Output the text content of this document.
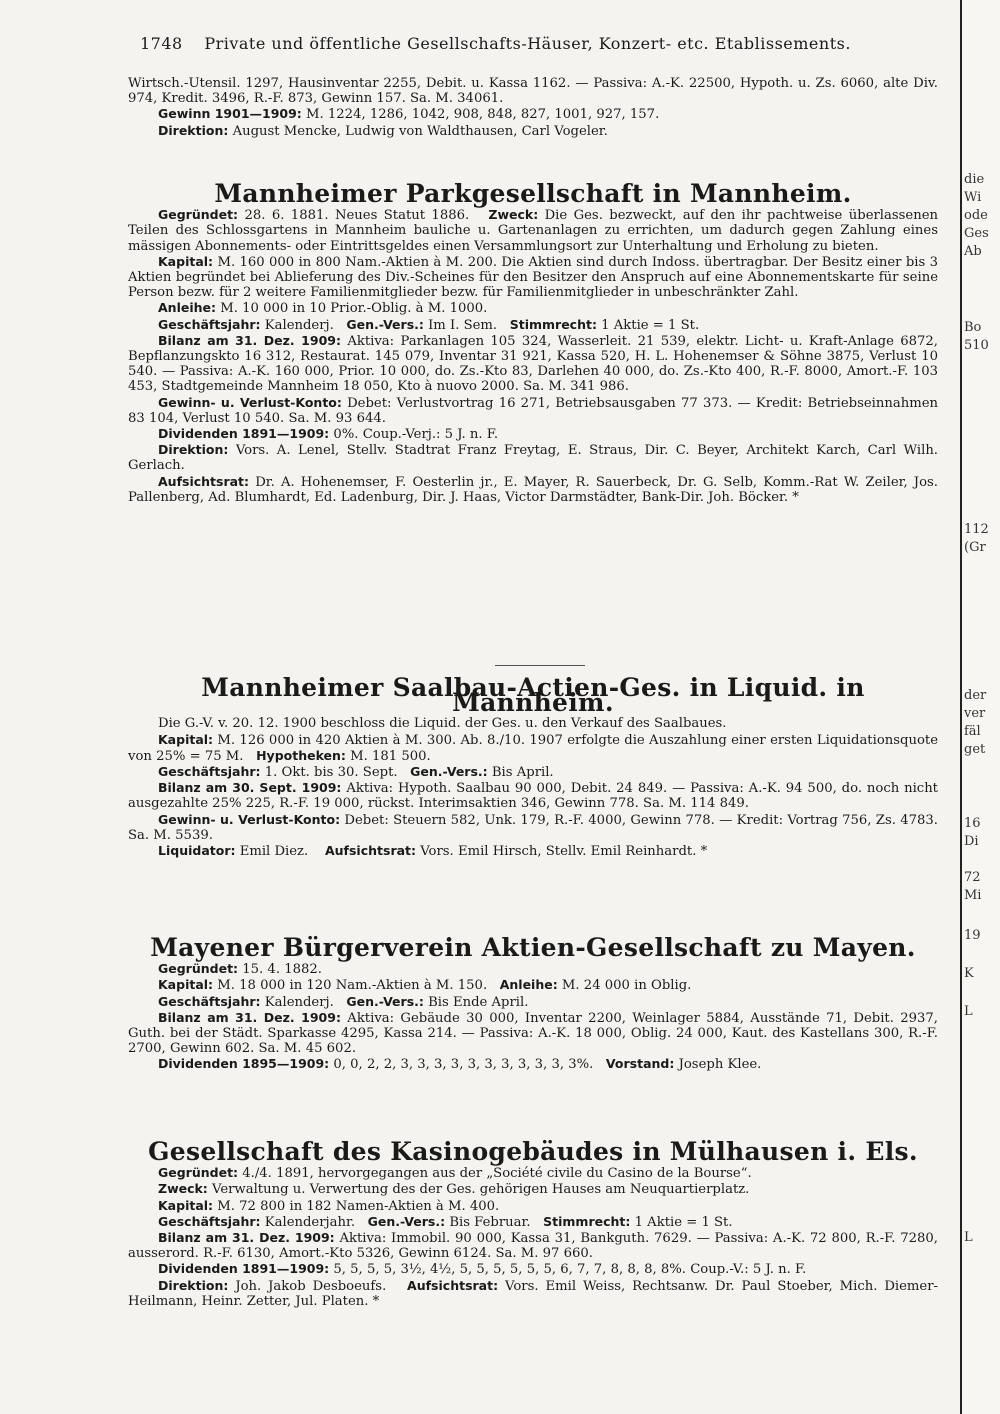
1748 Private und öffentliche Gesellschafts-Häuser, Konzert- etc. Etablissements.

Wirtsch.-Utensil. 1297, Hausinventar 2255, Debit. u. Kassa 1162. — Passiva: A.-K. 22500, Hypoth. u. Zs. 6060, alte Div. 974, Kredit. 3496, R.-F. 873, Gewinn 157. Sa. M. 34061.

Gewinn 1901—1909: M. 1224, 1286, 1042, 908, 848, 827, 1001, 927, 157.

Direktion: August Mencke, Ludwig von Waldthausen, Carl Vogeler.

Mannheimer Parkgesellschaft in Mannheim.

Gegründet: 28. 6. 1881. Neues Statut 1886. Zweck: Die Ges. bezweckt, auf den ihr pachtweise überlassenen Teilen des Schlossgartens in Mannheim bauliche u. Gartenanlagen zu errichten, um dadurch gegen Zahlung eines mässigen Abonnements- oder Eintrittsgeldes einen Versammlungsort zur Unterhaltung und Erholung zu bieten.

Kapital: M. 160 000 in 800 Nam.-Aktien à M. 200. Die Aktien sind durch Indoss. übertragbar. Der Besitz einer bis 3 Aktien begründet bei Ablieferung des Div.-Scheines für den Besitzer den Anspruch auf eine Abonnementskarte für seine Person bezw. für 2 weitere Familienmitglieder bezw. für Familienmitglieder in unbeschränkter Zahl.

Anleihe: M. 10 000 in 10 Prior.-Oblig. à M. 1000.

Geschäftsjahr: Kalenderj. Gen.-Vers.: Im I. Sem. Stimmrecht: 1 Aktie = 1 St.

Bilanz am 31. Dez. 1909: Aktiva: Parkanlagen 105 324, Wasserleit. 21 539, elektr. Licht- u. Kraft-Anlage 6872, Bepflanzungskto 16 312, Restaurat. 145 079, Inventar 31 921, Kassa 520, H. L. Hohenemser & Söhne 3875, Verlust 10 540. — Passiva: A.-K. 160 000, Prior. 10 000, do. Zs.-Kto 83, Darlehen 40 000, do. Zs.-Kto 400, R.-F. 8000, Amort.-F. 103 453, Stadtgemeinde Mannheim 18 050, Kto à nuovo 2000. Sa. M. 341 986.

Gewinn- u. Verlust-Konto: Debet: Verlustvortrag 16 271, Betriebsausgaben 77 373. — Kredit: Betriebseinnahmen 83 104, Verlust 10 540. Sa. M. 93 644.

Dividenden 1891—1909: 0%. Coup.-Verj.: 5 J. n. F.

Direktion: Vors. A. Lenel, Stellv. Stadtrat Franz Freytag, E. Straus, Dir. C. Beyer, Architekt Karch, Carl Wilh. Gerlach.

Aufsichtsrat: Dr. A. Hohenemser, F. Oesterlin jr., E. Mayer, R. Sauerbeck, Dr. G. Selb, Komm.-Rat W. Zeiler, Jos. Pallenberg, Ad. Blumhardt, Ed. Ladenburg, Dir. J. Haas, Victor Darmstädter, Bank-Dir. Joh. Böcker. *

Mannheimer Saalbau-Actien-Ges. in Liquid. in Mannheim.

Die G.-V. v. 20. 12. 1900 beschloss die Liquid. der Ges. u. den Verkauf des Saalbaues.

Kapital: M. 126 000 in 420 Aktien à M. 300. Ab. 8./10. 1907 erfolgte die Auszahlung einer ersten Liquidationsquote von 25% = 75 M. Hypotheken: M. 181 500.

Geschäftsjahr: 1. Okt. bis 30. Sept. Gen.-Vers.: Bis April.

Bilanz am 30. Sept. 1909: Aktiva: Hypoth. Saalbau 90 000, Debit. 24 849. — Passiva: A.-K. 94 500, do. noch nicht ausgezahlte 25% 225, R.-F. 19 000, rückst. Interimsaktien 346, Gewinn 778. Sa. M. 114 849.

Gewinn- u. Verlust-Konto: Debet: Steuern 582, Unk. 179, R.-F. 4000, Gewinn 778. — Kredit: Vortrag 756, Zs. 4783. Sa. M. 5539.

Liquidator: Emil Diez. Aufsichtsrat: Vors. Emil Hirsch, Stellv. Emil Reinhardt. *

Mayener Bürgerverein Aktien-Gesellschaft zu Mayen.

Gegründet: 15. 4. 1882.

Kapital: M. 18 000 in 120 Nam.-Aktien à M. 150. Anleihe: M. 24 000 in Oblig.

Geschäftsjahr: Kalenderj. Gen.-Vers.: Bis Ende April.

Bilanz am 31. Dez. 1909: Aktiva: Gebäude 30 000, Inventar 2200, Weinlager 5884, Ausstände 71, Debit. 2937, Guth. bei der Städt. Sparkasse 4295, Kassa 214. — Passiva: A.-K. 18 000, Oblig. 24 000, Kaut. des Kastellans 300, R.-F. 2700, Gewinn 602. Sa. M. 45 602.

Dividenden 1895—1909: 0, 0, 2, 2, 3, 3, 3, 3, 3, 3, 3, 3, 3, 3, 3%. Vorstand: Joseph Klee.

Gesellschaft des Kasinogebäudes in Mülhausen i. Els.

Gegründet: 4./4. 1891, hervorgegangen aus der „Société civile du Casino de la Bourse“.

Zweck: Verwaltung u. Verwertung des der Ges. gehörigen Hauses am Neuquartierplatz.

Kapital: M. 72 800 in 182 Namen-Aktien à M. 400.

Geschäftsjahr: Kalenderjahr. Gen.-Vers.: Bis Februar. Stimmrecht: 1 Aktie = 1 St.

Bilanz am 31. Dez. 1909: Aktiva: Immobil. 90 000, Kassa 31, Bankguth. 7629. — Passiva: A.-K. 72 800, R.-F. 7280, ausserord. R.-F. 6130, Amort.-Kto 5326, Gewinn 6124. Sa. M. 97 660.

Dividenden 1891—1909: 5, 5, 5, 5, 3½, 4½, 5, 5, 5, 5, 5, 5, 6, 7, 7, 8, 8, 8, 8%. Coup.-V.: 5 J. n. F.

Direktion: Joh. Jakob Desboeufs. Aufsichtsrat: Vors. Emil Weiss, Rechtsanw. Dr. Paul Stoeber, Mich. Diemer-Heilmann, Heinr. Zetter, Jul. Platen. *

die
Wi
ode
Ges
Ab
Bo
510
112
(Gr
der
ver
fäl
get
16
Di
72
Mi
19
K
L
L
